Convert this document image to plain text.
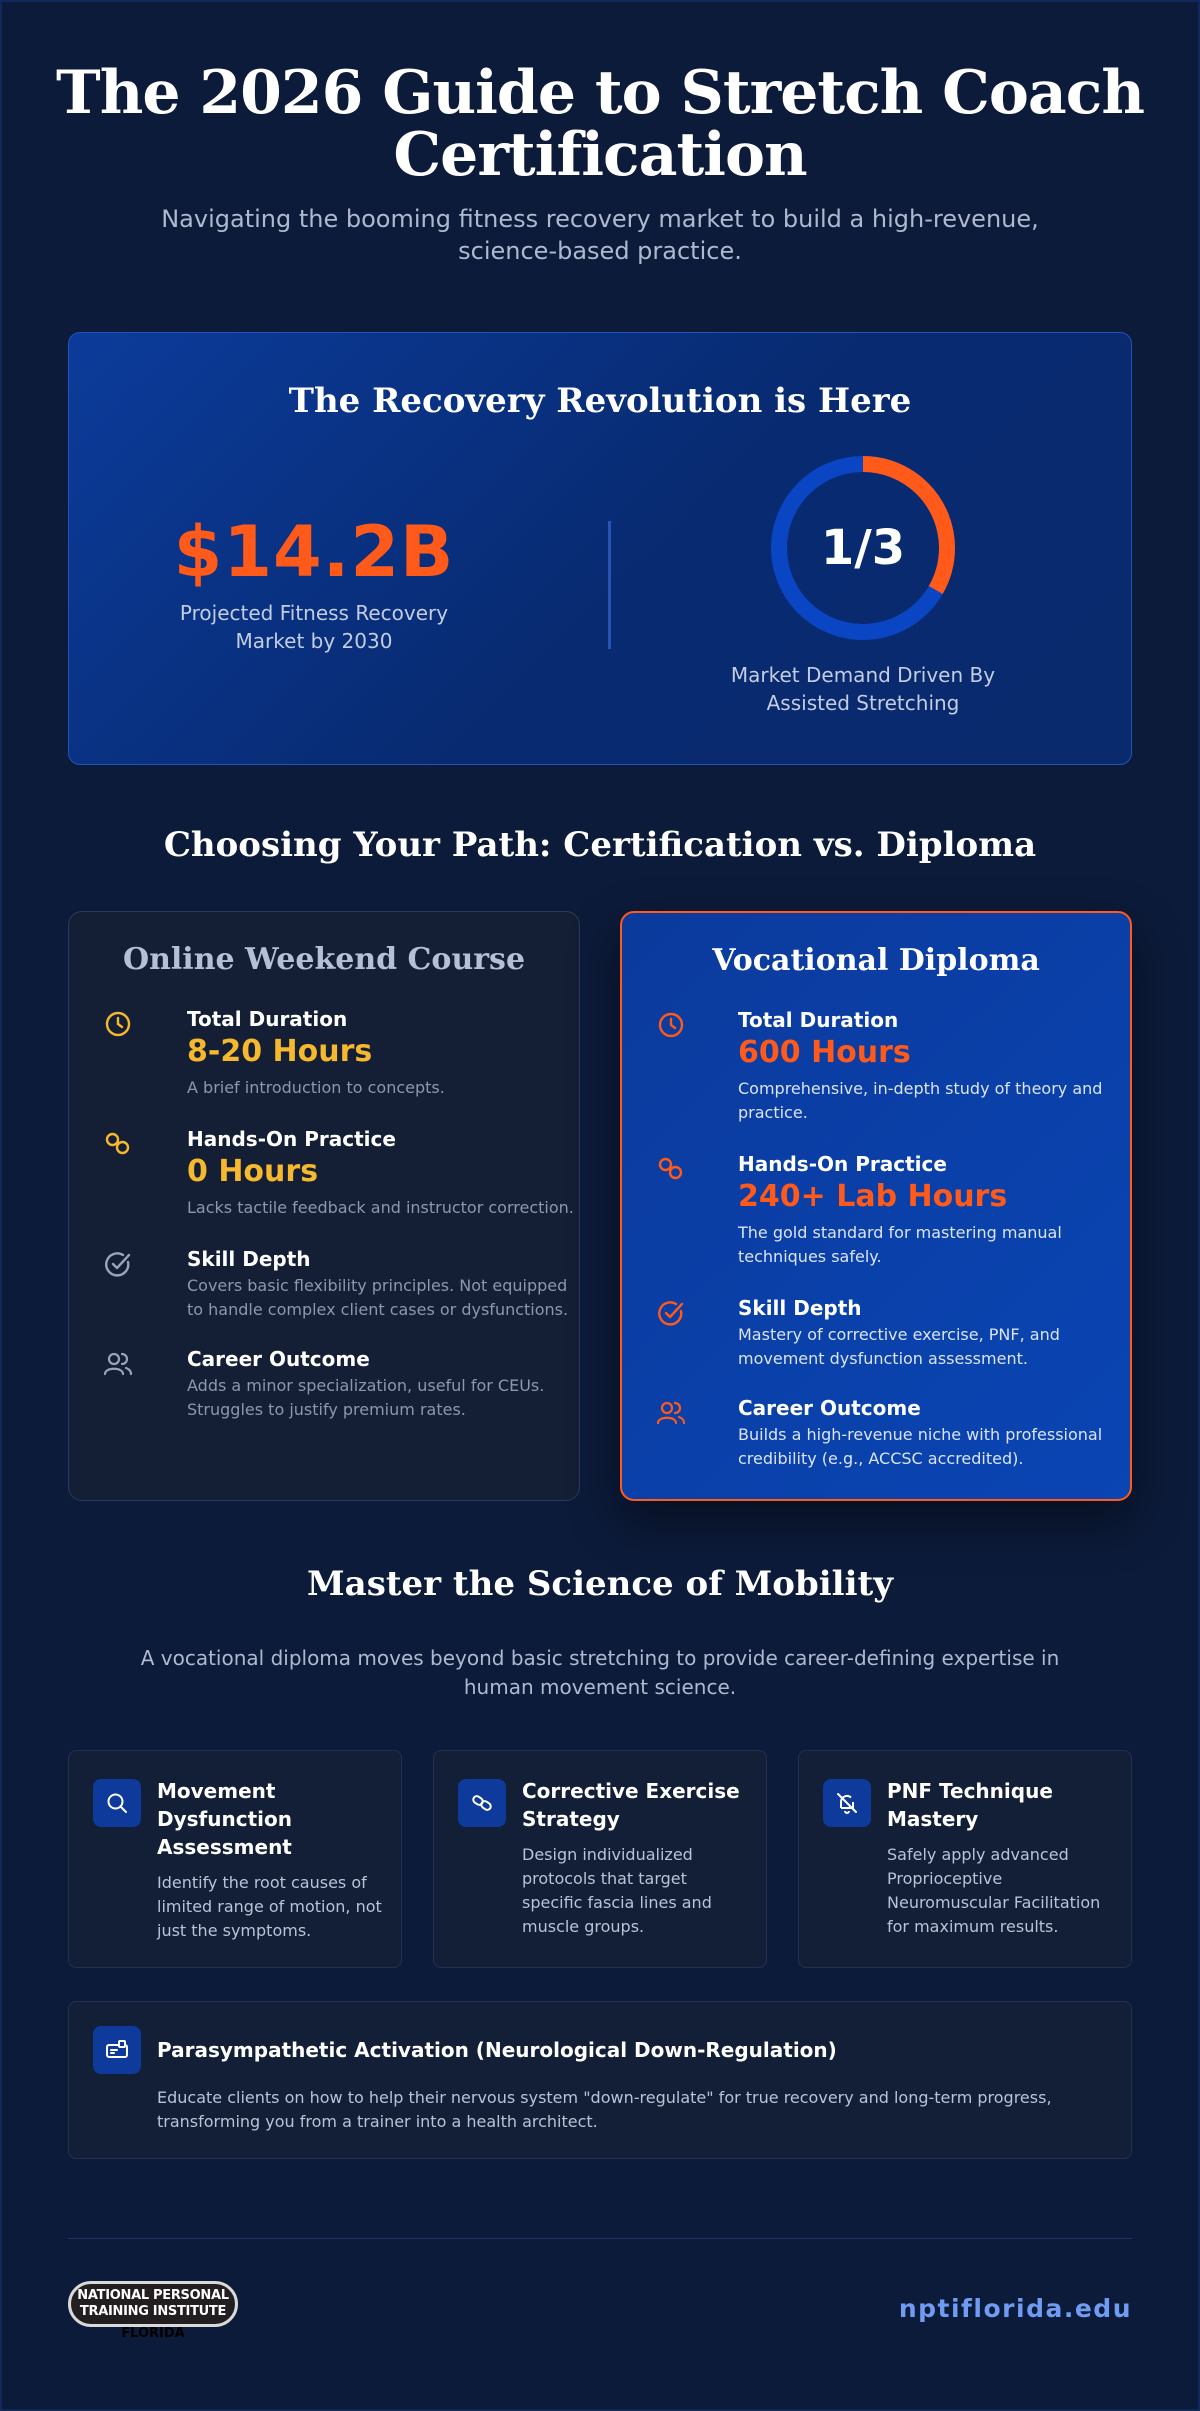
The 2026 Guide to Stretch Coach
Certification
Navigating the booming fitness recovery market to build a high-revenue, science-based practice.
The Recovery Revolution is Here
$14.2B
Projected Fitness Recovery Market by 2030
1/3
Market Demand Driven By Assisted Stretching
Choosing Your Path: Certification vs. Diploma
Online Weekend Course
Total Duration
8-20 Hours
A brief introduction to concepts.
Hands-On Practice
0 Hours
Lacks tactile feedback and instructor correction.
Skill Depth
Covers basic flexibility principles. Not equipped to handle complex client cases or dysfunctions.
Career Outcome
Adds a minor specialization, useful for CEUs. Struggles to justify premium rates.
Vocational Diploma
Total Duration
600 Hours
Comprehensive, in-depth study of theory and practice.
Hands-On Practice
240+ Lab Hours
The gold standard for mastering manual techniques safely.
Skill Depth
Mastery of corrective exercise, PNF, and movement dysfunction assessment.
Career Outcome
Builds a high-revenue niche with professional credibility (e.g., ACCSC accredited).
Master the Science of Mobility
A vocational diploma moves beyond basic stretching to provide career-defining expertise in human movement science.
Movement Dysfunction Assessment
Identify the root causes of limited range of motion, not just the symptoms.
Corrective Exercise Strategy
Design individualized protocols that target specific fascia lines and muscle groups.
PNF Technique Mastery
Safely apply advanced Proprioceptive Neuromuscular Facilitation for maximum results.
Parasympathetic Activation (Neurological Down-Regulation)
Educate clients on how to help their nervous system "down-regulate" for true recovery and long-term progress, transforming you from a trainer into a health architect.
NATIONAL PERSONAL
TRAINING INSTITUTE
FLORIDA
nptiflorida.edu
